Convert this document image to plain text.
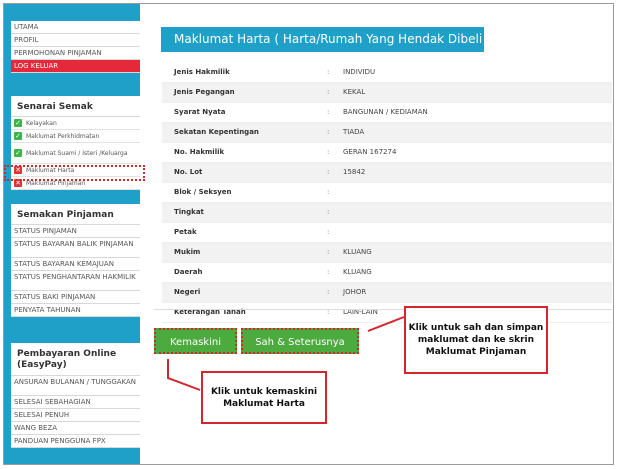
UTAMA
PROFIL
PERMOHONAN PINJAMAN
LOG KELUAR
Senarai Semak
✓ Kelayakan
✓ Maklumat Perkhidmatan
✓ Maklumat Suami / Isteri /Keluarga
✕ Maklumat Harta
✕ Maklumat Pinjaman
Semakan Pinjaman
STATUS PINJAMAN
STATUS BAYARAN BALIK PINJAMAN
STATUS BAYARAN KEMAJUAN
STATUS PENGHANTARAN HAKMILIK
STATUS BAKI PINJAMAN
PENYATA TAHUNAN
Pembayaran Online (EasyPay)
ANSURAN BULANAN / TUNGGAKAN
SELESAI SEBAHAGIAN
SELESAI PENUH
WANG BEZA
PANDUAN PENGGUNA FPX
Maklumat Harta ( Harta/Rumah Yang Hendak Dibeli )
Jenis Hakmilik	:	INDIVIDU
Jenis Pegangan	:	KEKAL
Syarat Nyata	:	BANGUNAN / KEDIAMAN
Sekatan Kepentingan	:	TIADA
No. Hakmilik	:	GERAN 167274
No. Lot	:	15842
Blok / Seksyen	:
Tingkat	:
Petak	:
Mukim	:	KLUANG
Daerah	:	KLUANG
Negeri	:	JOHOR
Keterangan Tanah	:	LAIN-LAIN
Kemaskini	Sah & Seterusnya
Klik untuk kemaskini Maklumat Harta
Klik untuk sah dan simpan maklumat dan ke skrin Maklumat Pinjaman
